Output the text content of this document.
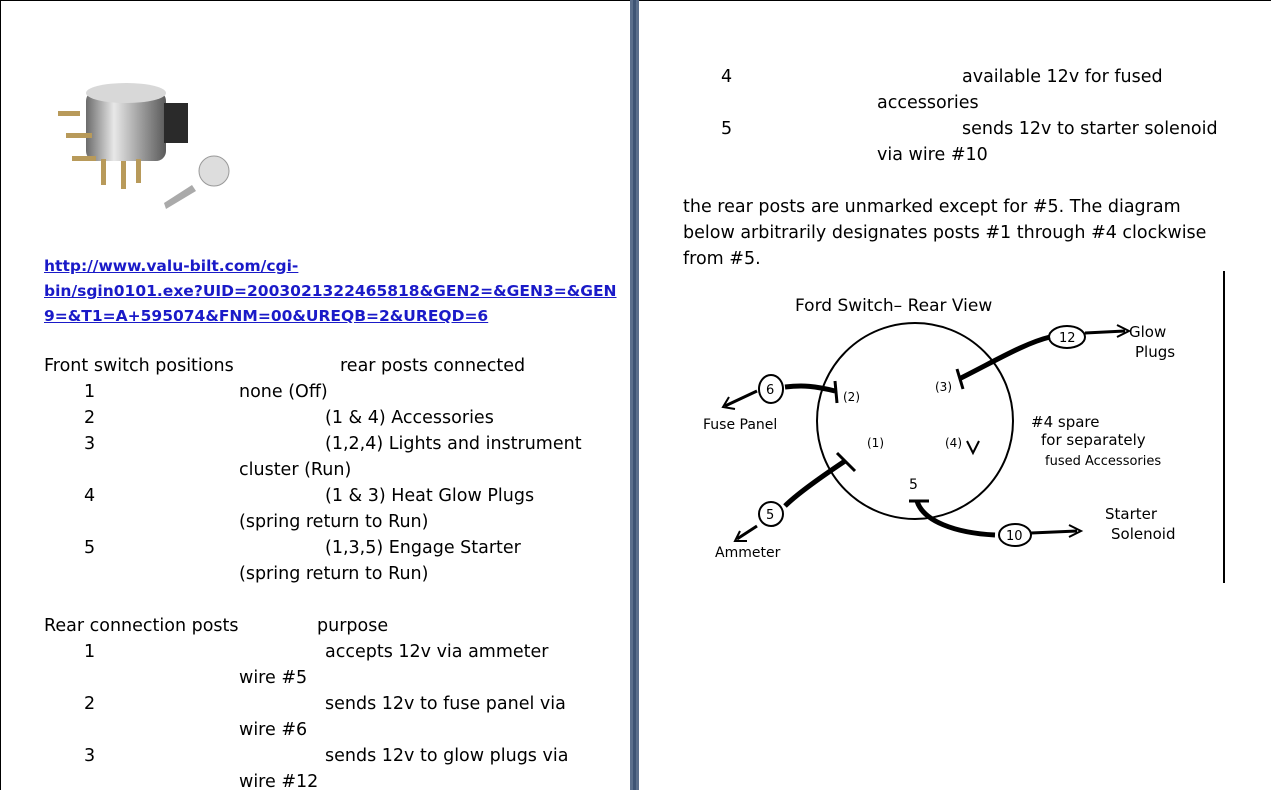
http://www.valu-bilt.com/cgi-
bin/sgin0101.exe?UID=2003021322465818&GEN2=&GEN3=&GEN
9=&T1=A+595074&FNM=00&UREQB=2&UREQD=6
Front switch positions	rear posts connected
1	none (Off)
2	(1 & 4) Accessories
3	(1,2,4) Lights and instrument
cluster (Run)
4	(1 & 3) Heat Glow Plugs
(spring return to Run)
5	(1,3,5) Engage Starter
(spring return to Run)
Rear connection posts	purpose
1	accepts 12v via ammeter
wire #5
2	sends 12v to fuse panel via
wire #6
3	sends 12v to glow plugs via
wire #12
4	available 12v for fused
accessories
5	sends 12v to starter solenoid
via wire #10
the rear posts are unmarked except for #5. The diagram
below arbitrarily designates posts #1 through #4 clockwise
from #5.
Ford Switch– Rear View
Glow
Plugs
12
(3)
(2)
(1)	(4)
5
6
Fuse Panel	#4 spare
for separately
fused Accessories
5
Ammeter
Starter
Solenoid
10
